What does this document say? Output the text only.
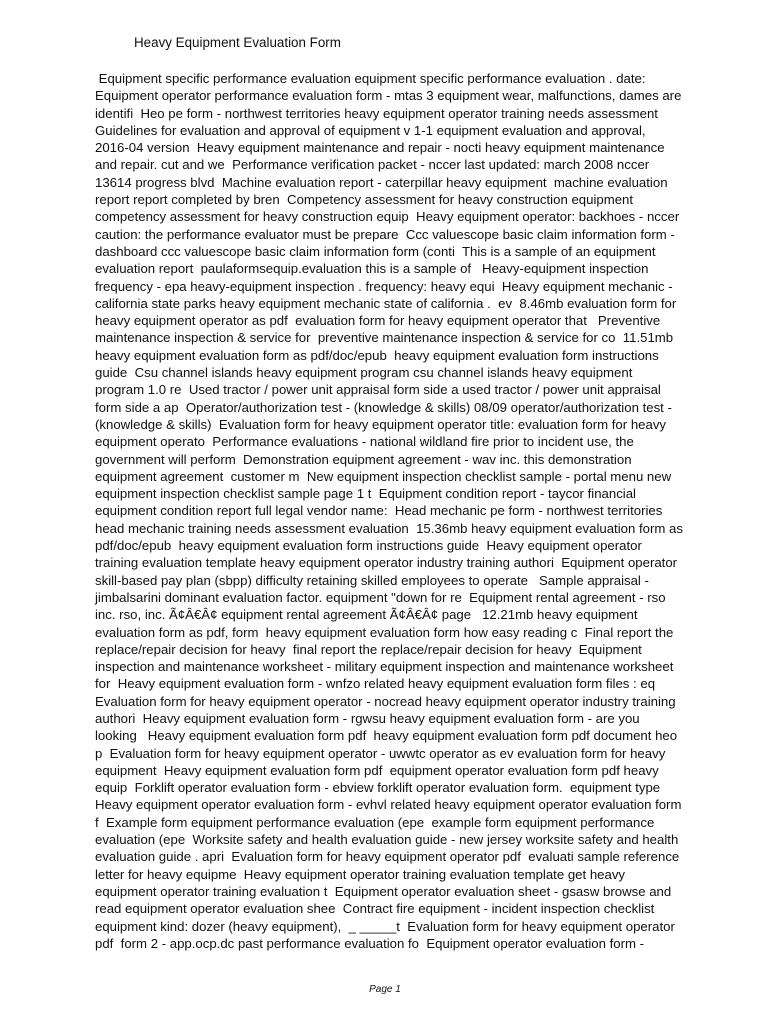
Heavy Equipment Evaluation Form
Equipment specific performance evaluation equipment specific performance evaluation . date:
Equipment operator performance evaluation form - mtas 3 equipment wear, malfunctions, dames are
identifi  Heo pe form - northwest territories heavy equipment operator training needs assessment
Guidelines for evaluation and approval of equipment v 1-1 equipment evaluation and approval,
2016-04 version  Heavy equipment maintenance and repair - nocti heavy equipment maintenance
and repair. cut and we  Performance verification packet - nccer last updated: march 2008 nccer
13614 progress blvd  Machine evaluation report - caterpillar heavy equipment  machine evaluation
report report completed by bren  Competency assessment for heavy construction equipment
competency assessment for heavy construction equip  Heavy equipment operator: backhoes - nccer
caution: the performance evaluator must be prepare  Ccc valuescope basic claim information form -
dashboard ccc valuescope basic claim information form (conti  This is a sample of an equipment
evaluation report  paulaformsequip.evaluation this is a sample of   Heavy-equipment inspection
frequency - epa heavy-equipment inspection . frequency: heavy equi  Heavy equipment mechanic -
california state parks heavy equipment mechanic state of california .  ev  8.46mb evaluation form for
heavy equipment operator as pdf  evaluation form for heavy equipment operator that   Preventive
maintenance inspection & service for  preventive maintenance inspection & service for co  11.51mb
heavy equipment evaluation form as pdf/doc/epub  heavy equipment evaluation form instructions
guide  Csu channel islands heavy equipment program csu channel islands heavy equipment
program 1.0 re  Used tractor / power unit appraisal form side a used tractor / power unit appraisal
form side a ap  Operator/authorization test - (knowledge & skills) 08/09 operator/authorization test -
(knowledge & skills)  Evaluation form for heavy equipment operator title: evaluation form for heavy
equipment operato  Performance evaluations - national wildland fire prior to incident use, the
government will perform  Demonstration equipment agreement - wav inc. this demonstration
equipment agreement  customer m  New equipment inspection checklist sample - portal menu new
equipment inspection checklist sample page 1 t  Equipment condition report - taycor financial
equipment condition report full legal vendor name:  Head mechanic pe form - northwest territories
head mechanic training needs assessment evaluation  15.36mb heavy equipment evaluation form as
pdf/doc/epub  heavy equipment evaluation form instructions guide  Heavy equipment operator
training evaluation template heavy equipment operator industry training authori  Equipment operator
skill-based pay plan (sbpp) difficulty retaining skilled employees to operate   Sample appraisal -
jimbalsarini dominant evaluation factor. equipment "down for re  Equipment rental agreement - rso
inc. rso, inc. Ã¢Â€Â¢ equipment rental agreement Ã¢Â€Â¢ page   12.21mb heavy equipment
evaluation form as pdf, form  heavy equipment evaluation form how easy reading c  Final report the
replace/repair decision for heavy  final report the replace/repair decision for heavy  Equipment
inspection and maintenance worksheet - military equipment inspection and maintenance worksheet
for  Heavy equipment evaluation form - wnfzo related heavy equipment evaluation form files : eq
Evaluation form for heavy equipment operator - nocread heavy equipment operator industry training
authori  Heavy equipment evaluation form - rgwsu heavy equipment evaluation form - are you
looking   Heavy equipment evaluation form pdf  heavy equipment evaluation form pdf document heo
p  Evaluation form for heavy equipment operator - uwwtc operator as ev evaluation form for heavy
equipment  Heavy equipment evaluation form pdf  equipment operator evaluation form pdf heavy
equip  Forklift operator evaluation form - ebview forklift operator evaluation form.  equipment type
Heavy equipment operator evaluation form - evhvl related heavy equipment operator evaluation form
f  Example form equipment performance evaluation (epe  example form equipment performance
evaluation (epe  Worksite safety and health evaluation guide - new jersey worksite safety and health
evaluation guide . apri  Evaluation form for heavy equipment operator pdf  evaluati sample reference
letter for heavy equipme  Heavy equipment operator training evaluation template get heavy
equipment operator training evaluation t  Equipment operator evaluation sheet - gsasw browse and
read equipment operator evaluation shee  Contract fire equipment - incident inspection checklist
equipment kind: dozer (heavy equipment),  _ _____t  Evaluation form for heavy equipment operator
pdf  form 2 - app.ocp.dc past performance evaluation fo  Equipment operator evaluation form -
Page 1
